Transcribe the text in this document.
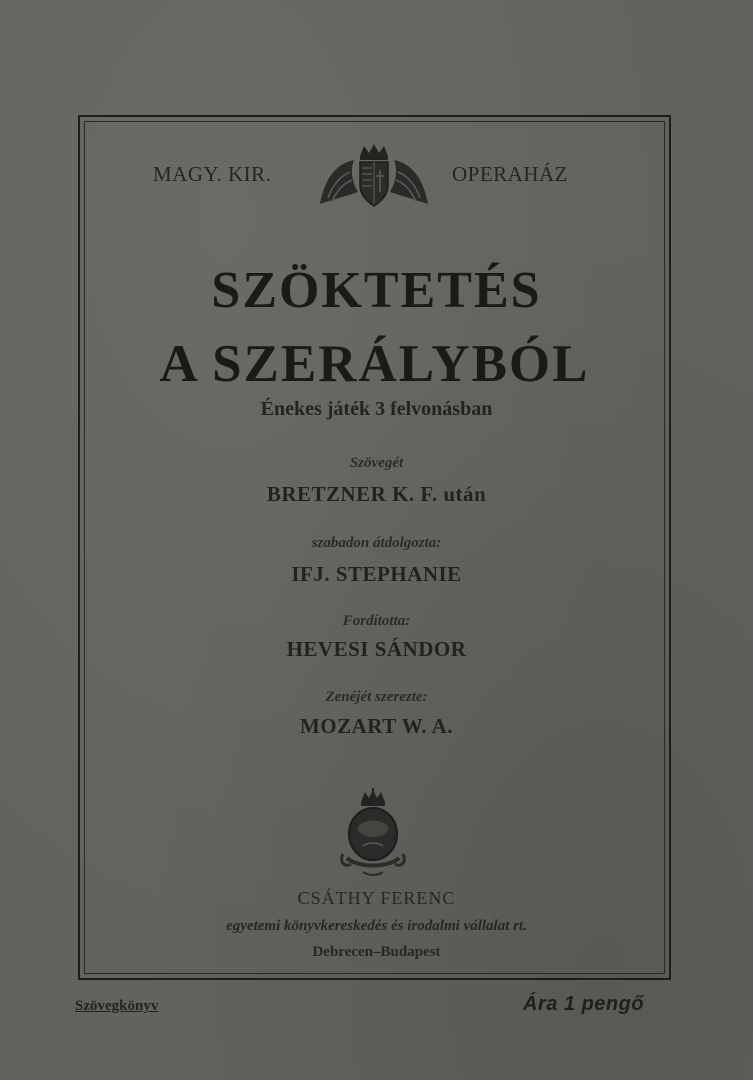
MAGY. KIR.	OPERAHÁZ
SZÖKTETÉS
A SZERÁLYBÓL
Énekes játék 3 felvonásban
Szövegét
BRETZNER K. F. után
szabadon átdolgozta:
IFJ. STEPHANIE
Fordította:
HEVESI SÁNDOR
Zenéjét szerezte:
MOZART W. A.
CSÁTHY FERENC
egyetemi könyvkereskedés és irodalmi vállalat rt.
Debrecen–Budapest
Szövegkönyv	Ára 1 pengő
